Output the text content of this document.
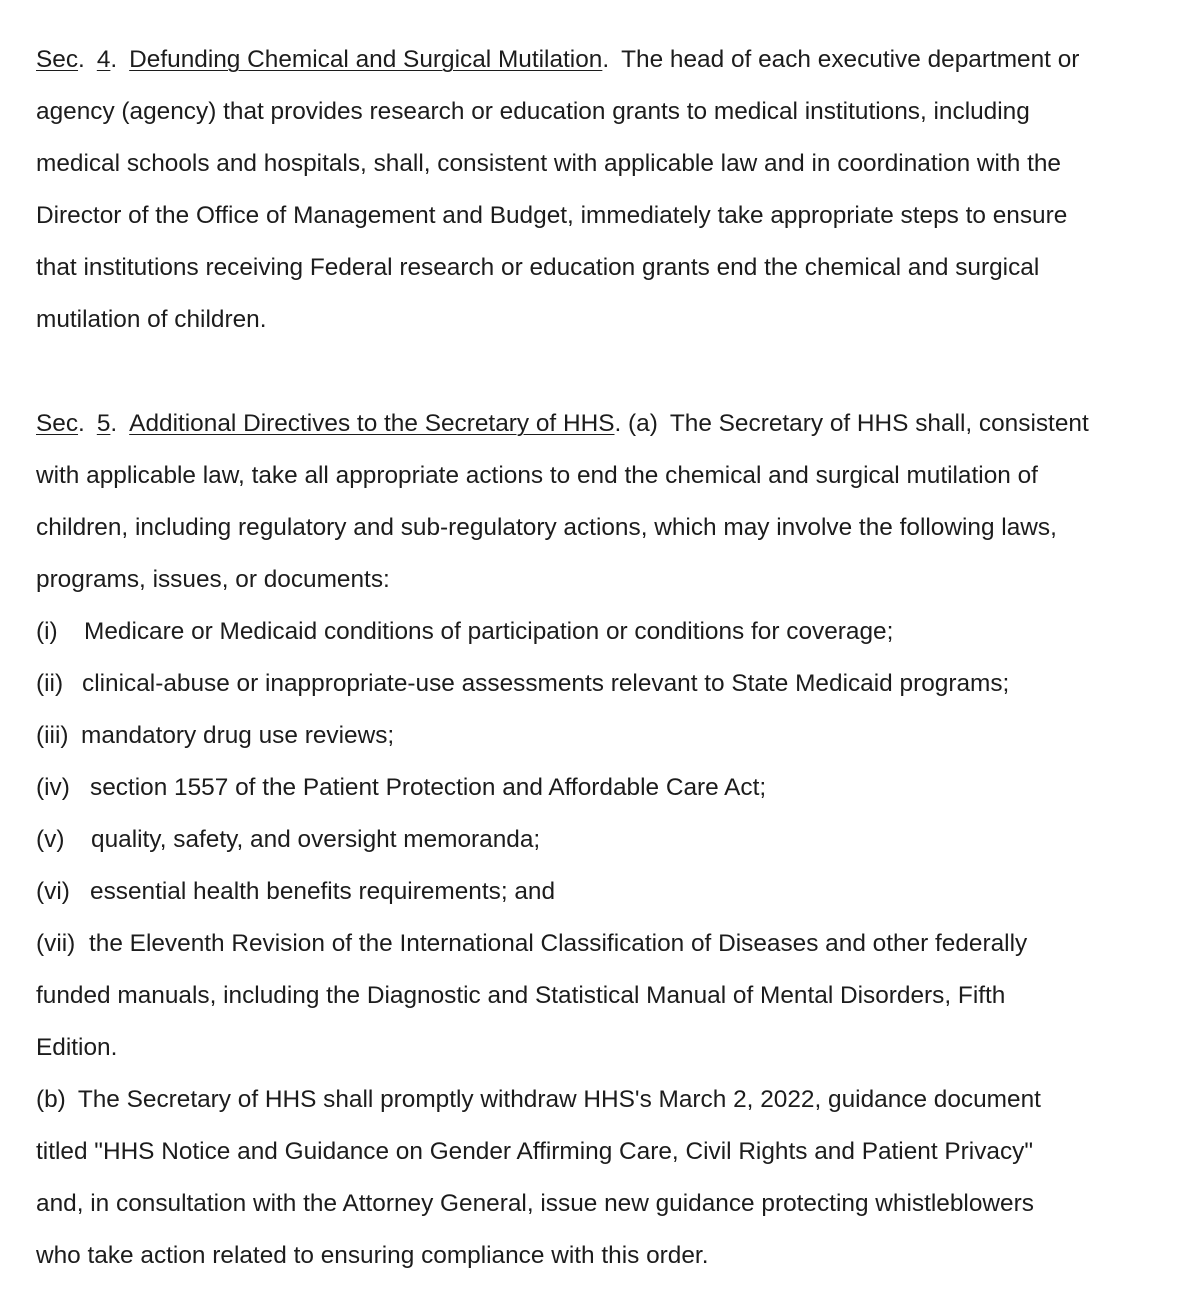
Sec. 4. Defunding Chemical and Surgical Mutilation. The head of each executive department or
agency (agency) that provides research or education grants to medical institutions, including
medical schools and hospitals, shall, consistent with applicable law and in coordination with the
Director of the Office of Management and Budget, immediately take appropriate steps to ensure
that institutions receiving Federal research or education grants end the chemical and surgical
mutilation of children.
Sec. 5. Additional Directives to the Secretary of HHS. (a) The Secretary of HHS shall, consistent
with applicable law, take all appropriate actions to end the chemical and surgical mutilation of
children, including regulatory and sub-regulatory actions, which may involve the following laws,
programs, issues, or documents:
(i) Medicare or Medicaid conditions of participation or conditions for coverage;
(ii) clinical-abuse or inappropriate-use assessments relevant to State Medicaid programs;
(iii) mandatory drug use reviews;
(iv) section 1557 of the Patient Protection and Affordable Care Act;
(v) quality, safety, and oversight memoranda;
(vi) essential health benefits requirements; and
(vii) the Eleventh Revision of the International Classification of Diseases and other federally
funded manuals, including the Diagnostic and Statistical Manual of Mental Disorders, Fifth
Edition.
(b) The Secretary of HHS shall promptly withdraw HHS's March 2, 2022, guidance document
titled "HHS Notice and Guidance on Gender Affirming Care, Civil Rights and Patient Privacy"
and, in consultation with the Attorney General, issue new guidance protecting whistleblowers
who take action related to ensuring compliance with this order.
